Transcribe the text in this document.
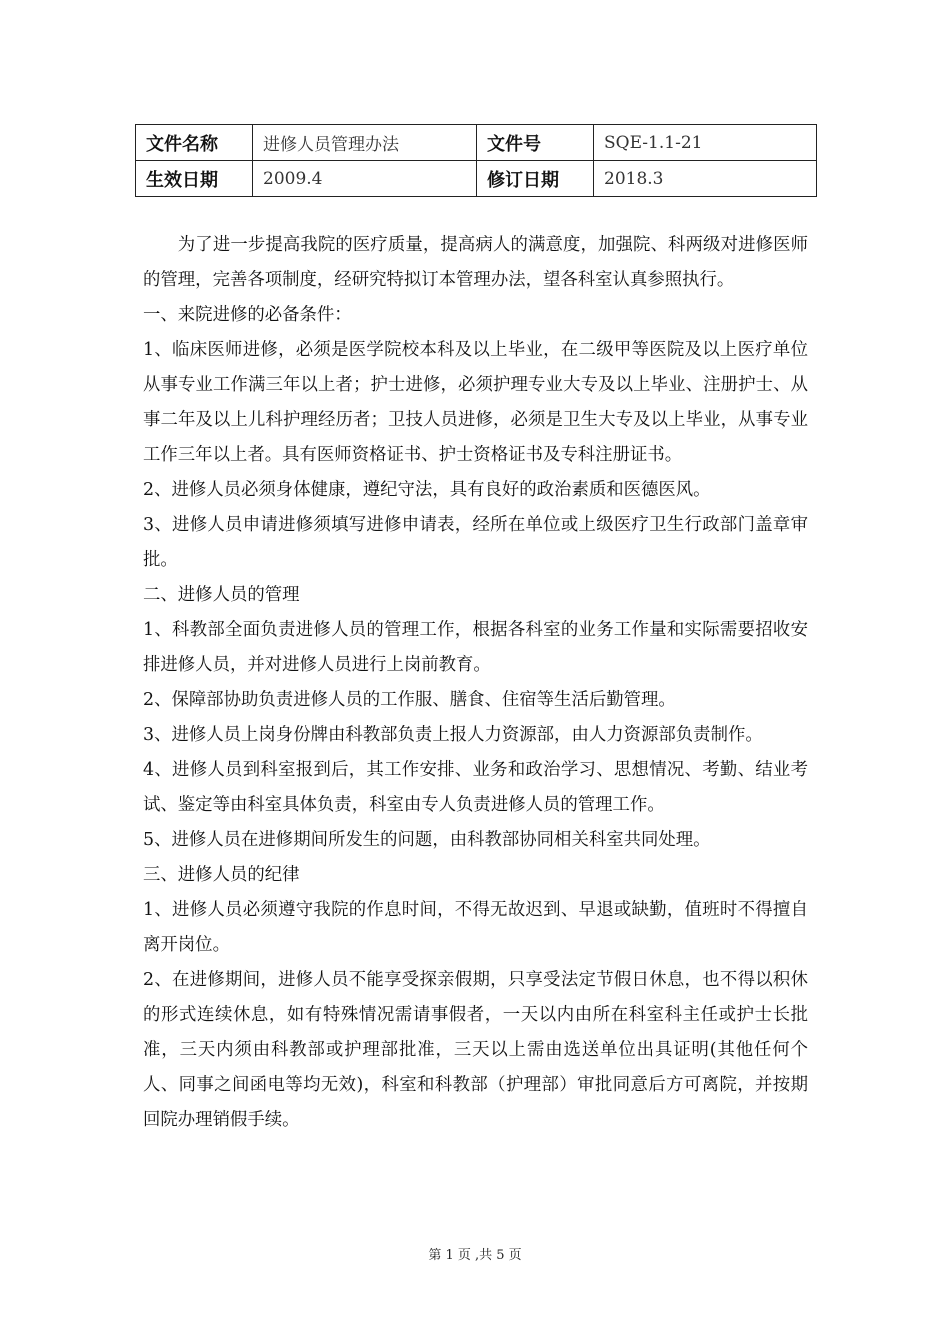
文件名称	进修人员管理办法	文件号	SQE-1.1-21
生效日期	2009.4	修订日期	2018.3

为了进一步提高我院的医疗质量，提高病人的满意度，加强院、科两级对进修医师的管理，完善各项制度，经研究特拟订本管理办法，望各科室认真参照执行。

一、来院进修的必备条件：

1、临床医师进修，必须是医学院校本科及以上毕业，在二级甲等医院及以上医疗单位从事专业工作满三年以上者；护士进修，必须护理专业大专及以上毕业、注册护士、从事二年及以上儿科护理经历者；卫技人员进修，必须是卫生大专及以上毕业，从事专业工作三年以上者。具有医师资格证书、护士资格证书及专科注册证书。

2、进修人员必须身体健康，遵纪守法，具有良好的政治素质和医德医风。

3、进修人员申请进修须填写进修申请表，经所在单位或上级医疗卫生行政部门盖章审批。

二、进修人员的管理

1、科教部全面负责进修人员的管理工作，根据各科室的业务工作量和实际需要招收安排进修人员，并对进修人员进行上岗前教育。

2、保障部协助负责进修人员的工作服、膳食、住宿等生活后勤管理。

3、进修人员上岗身份牌由科教部负责上报人力资源部，由人力资源部负责制作。

4、进修人员到科室报到后，其工作安排、业务和政治学习、思想情况、考勤、结业考试、鉴定等由科室具体负责，科室由专人负责进修人员的管理工作。

5、进修人员在进修期间所发生的问题，由科教部协同相关科室共同处理。

三、进修人员的纪律

1、进修人员必须遵守我院的作息时间，不得无故迟到、早退或缺勤，值班时不得擅自离开岗位。

2、在进修期间，进修人员不能享受探亲假期，只享受法定节假日休息，也不得以积休的形式连续休息，如有特殊情况需请事假者，一天以内由所在科室科主任或护士长批准，三天内须由科教部或护理部批准，三天以上需由选送单位出具证明(其他任何个人、同事之间函电等均无效)，科室和科教部（护理部）审批同意后方可离院，并按期回院办理销假手续。

第 1 页 ,共 5 页
